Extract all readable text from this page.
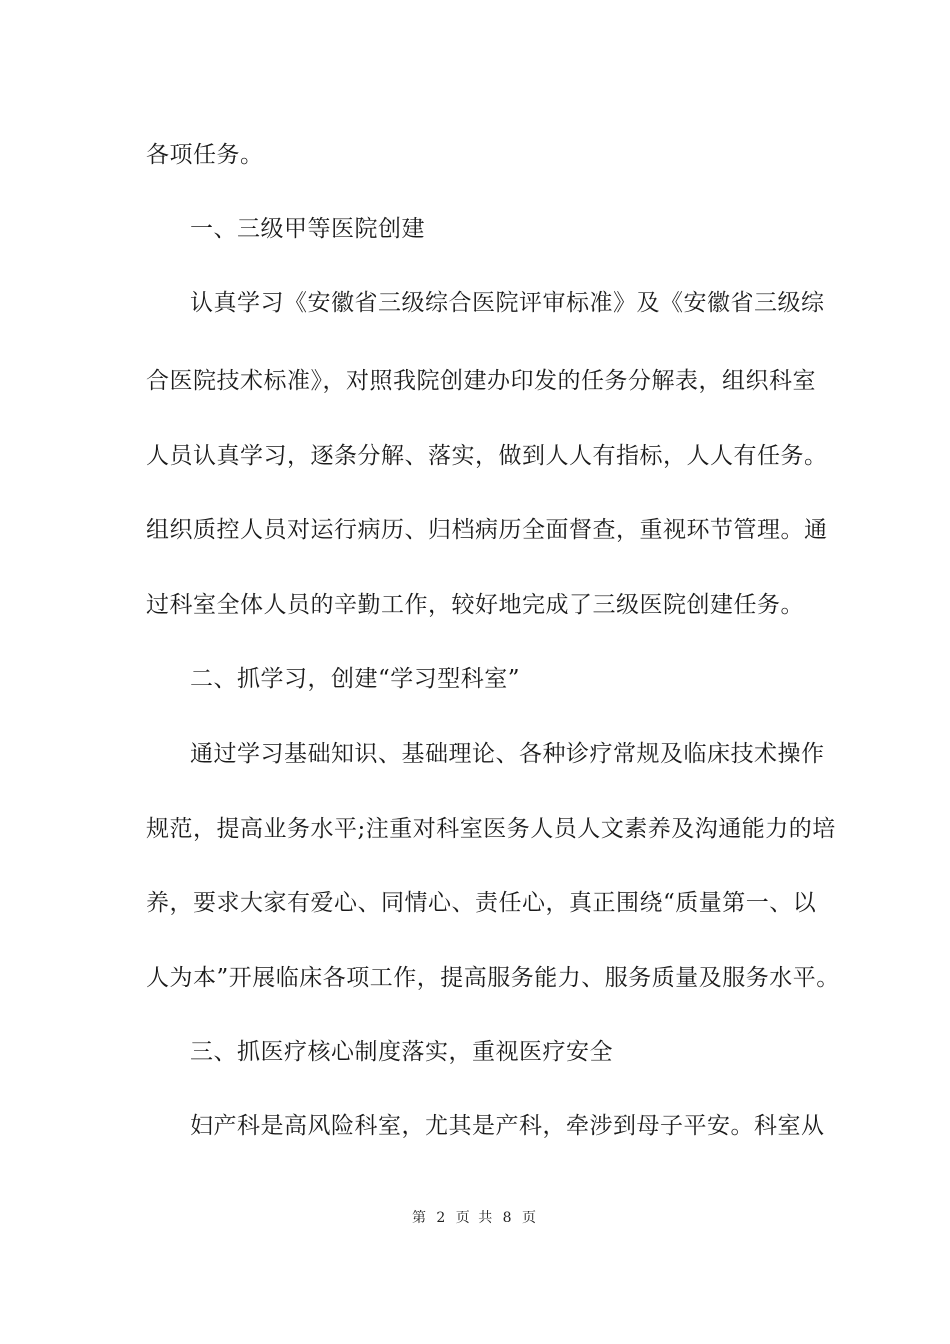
各项任务。
一、三级甲等医院创建
认真学习《安徽省三级综合医院评审标准》及《安徽省三级综
合医院技术标准》，对照我院创建办印发的任务分解表，组织科室
人员认真学习，逐条分解、落实，做到人人有指标，人人有任务。
组织质控人员对运行病历、归档病历全面督查，重视环节管理。通
过科室全体人员的辛勤工作，较好地完成了三级医院创建任务。
二、抓学习，创建“学习型科室”
通过学习基础知识、基础理论、各种诊疗常规及临床技术操作
规范，提高业务水平;注重对科室医务人员人文素养及沟通能力的培
养，要求大家有爱心、同情心、责任心，真正围绕“质量第一、以
人为本”开展临床各项工作，提高服务能力、服务质量及服务水平。
三、抓医疗核心制度落实，重视医疗安全
妇产科是高风险科室，尤其是产科，牵涉到母子平安。科室从
第 2 页 共 8 页
